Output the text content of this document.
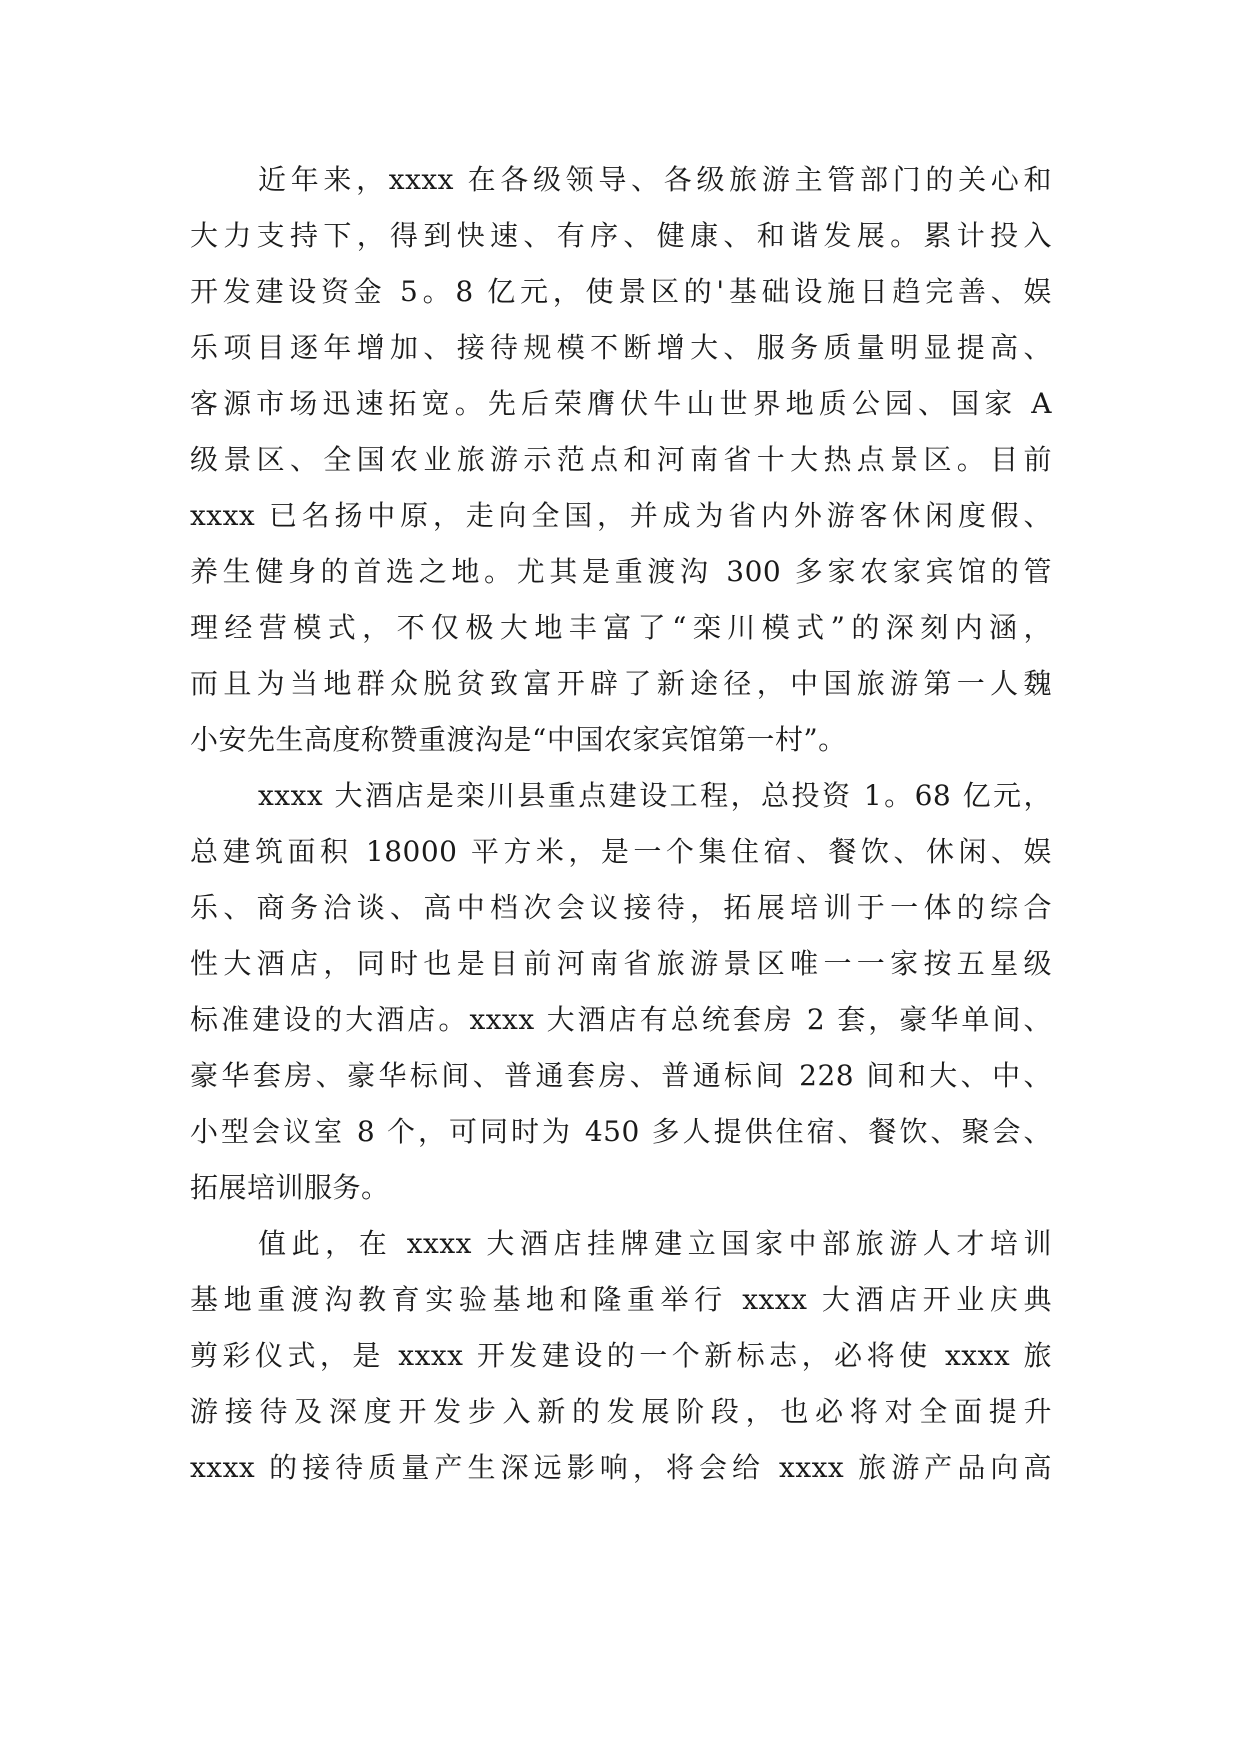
近年来，xxxx 在各级领导、各级旅游主管部门的关心和
大力支持下，得到快速、有序、健康、和谐发展。累计投入
开发建设资金 5。8 亿元，使景区的'基础设施日趋完善、娱
乐项目逐年增加、接待规模不断增大、服务质量明显提高、
客源市场迅速拓宽。先后荣膺伏牛山世界地质公园、国家 A
级景区、全国农业旅游示范点和河南省十大热点景区。目前
xxxx 已名扬中原，走向全国，并成为省内外游客休闲度假、
养生健身的首选之地。尤其是重渡沟 300 多家农家宾馆的管
理经营模式，不仅极大地丰富了“栾川模式”的深刻内涵，
而且为当地群众脱贫致富开辟了新途径，中国旅游第一人魏
小安先生高度称赞重渡沟是“中国农家宾馆第一村”。
xxxx 大酒店是栾川县重点建设工程，总投资 1。68 亿元，
总建筑面积 18000 平方米，是一个集住宿、餐饮、休闲、娱
乐、商务洽谈、高中档次会议接待，拓展培训于一体的综合
性大酒店，同时也是目前河南省旅游景区唯一一家按五星级
标准建设的大酒店。xxxx 大酒店有总统套房 2 套，豪华单间、
豪华套房、豪华标间、普通套房、普通标间 228 间和大、中、
小型会议室 8 个，可同时为 450 多人提供住宿、餐饮、聚会、
拓展培训服务。
值此，在 xxxx 大酒店挂牌建立国家中部旅游人才培训
基地重渡沟教育实验基地和隆重举行 xxxx 大酒店开业庆典
剪彩仪式，是 xxxx 开发建设的一个新标志，必将使 xxxx 旅
游接待及深度开发步入新的发展阶段，也必将对全面提升
xxxx 的接待质量产生深远影响，将会给 xxxx 旅游产品向高
